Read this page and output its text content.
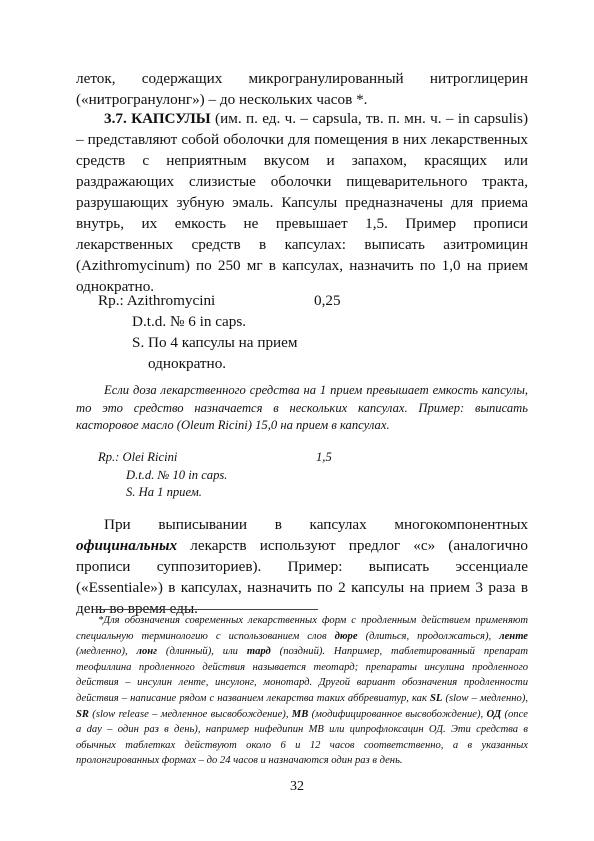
леток, содержащих микрогранулированный нитроглицерин
(«нитрогранулонг») – до нескольких часов *.
3.7. КАПСУЛЫ (им. п. ед. ч. – capsula, тв. п. мн. ч. – in capsulis) – представляют собой оболочки для помещения в них лекарственных средств с неприятным вкусом и запахом, красящих или раздражающих слизистые оболочки пищеварительного тракта, разрушающих зубную эмаль. Капсулы предназначены для приема внутрь, их емкость не превышает 1,5. Пример прописи лекарственных средств в капсулах: выписать азитромицин (Azithromycinum) по 250 мг в капсулах, назначить по 1,0 на прием однократно.
Rp.: Azithromycini	0,25
D.t.d. № 6 in caps.
S. По 4 капсулы на прием
однократно.
Если доза лекарственного средства на 1 прием превышает емкость капсулы, то это средство назначается в нескольких капсулах. Пример: выписать касторовое масло (Oleum Ricini) 15,0 на прием в капсулах.
Rp.: Olei Ricini	1,5
D.t.d. № 10 in caps.
S. На 1 прием.
При выписывании в капсулах многокомпонентных официнальных лекарств используют предлог «с» (аналогично прописи суппозиториев). Пример: выписать эссенциале («Essentiale») в капсулах, назначить по 2 капсулы на прием 3 раза в день во время еды.
*Для обозначения современных лекарственных форм с продленным действием применяют специальную терминологию с использованием слов дюре (длиться, продолжаться), ленте (медленно), лонг (длинный), или тард (поздний). Например, таблетированный препарат теофиллина продленного действия называется теотард; препараты инсулина продленного действия – инсулин ленте, инсулонг, монотард. Другой вариант обозначения продленности действия – написание рядом с названием лекарства таких аббревиатур, как SL (slow – медленно), SR (slow release – медленное высвобождение), MB (модифицированное высвобождение), ОД (once a day – один раз в день), например нифедипин МВ или ципрофлоксацин ОД. Эти средства в обычных таблетках действуют около 6 и 12 часов соответственно, а в указанных пролонгированных формах – до 24 часов и назначаются один раз в день.
32
